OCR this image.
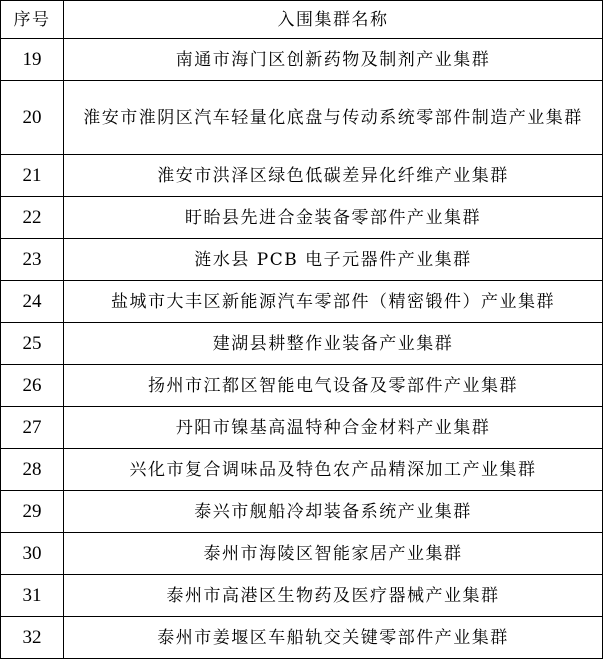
序号	入围集群名称
19	南通市海门区创新药物及制剂产业集群
20	淮安市淮阴区汽车轻量化底盘与传动系统零部件制造产业集群
21	淮安市洪泽区绿色低碳差异化纤维产业集群
22	盱眙县先进合金装备零部件产业集群
23	涟水县 PCB 电子元器件产业集群
24	盐城市大丰区新能源汽车零部件（精密锻件）产业集群
25	建湖县耕整作业装备产业集群
26	扬州市江都区智能电气设备及零部件产业集群
27	丹阳市镍基高温特种合金材料产业集群
28	兴化市复合调味品及特色农产品精深加工产业集群
29	泰兴市舰船冷却装备系统产业集群
30	泰州市海陵区智能家居产业集群
31	泰州市高港区生物药及医疗器械产业集群
32	泰州市姜堰区车船轨交关键零部件产业集群
